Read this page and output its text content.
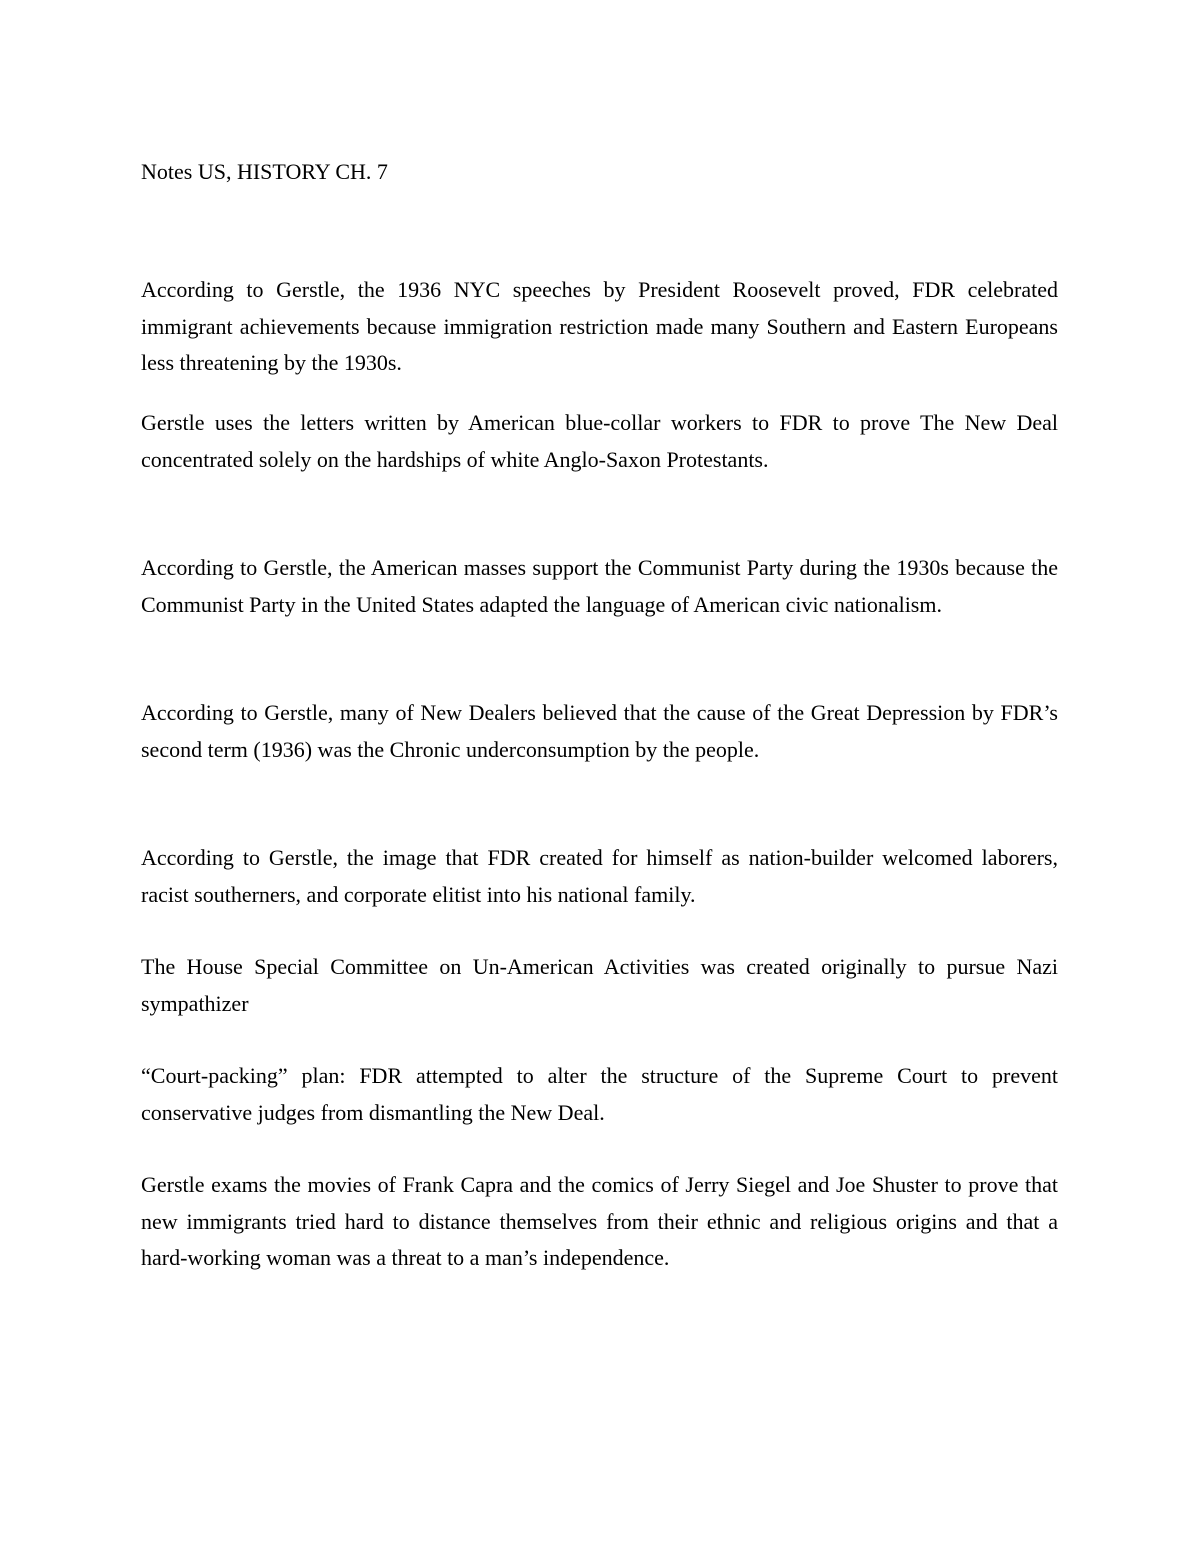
Notes US, HISTORY CH. 7

According to Gerstle, the 1936 NYC speeches by President Roosevelt proved, FDR celebrated immigrant achievements because immigration restriction made many Southern and Eastern Europeans less threatening by the 1930s.

Gerstle uses the letters written by American blue-collar workers to FDR to prove The New Deal concentrated solely on the hardships of white Anglo-Saxon Protestants.

According to Gerstle, the American masses support the Communist Party during the 1930s because the Communist Party in the United States adapted the language of American civic nationalism.

According to Gerstle, many of New Dealers believed that the cause of the Great Depression by FDR’s second term (1936) was the Chronic underconsumption by the people.

According to Gerstle, the image that FDR created for himself as nation-builder welcomed laborers, racist southerners, and corporate elitist into his national family.

The House Special Committee on Un-American Activities was created originally to pursue Nazi sympathizer

“Court-packing” plan: FDR attempted to alter the structure of the Supreme Court to prevent conservative judges from dismantling the New Deal.

Gerstle exams the movies of Frank Capra and the comics of Jerry Siegel and Joe Shuster to prove that new immigrants tried hard to distance themselves from their ethnic and religious origins and that a hard-working woman was a threat to a man’s independence.
